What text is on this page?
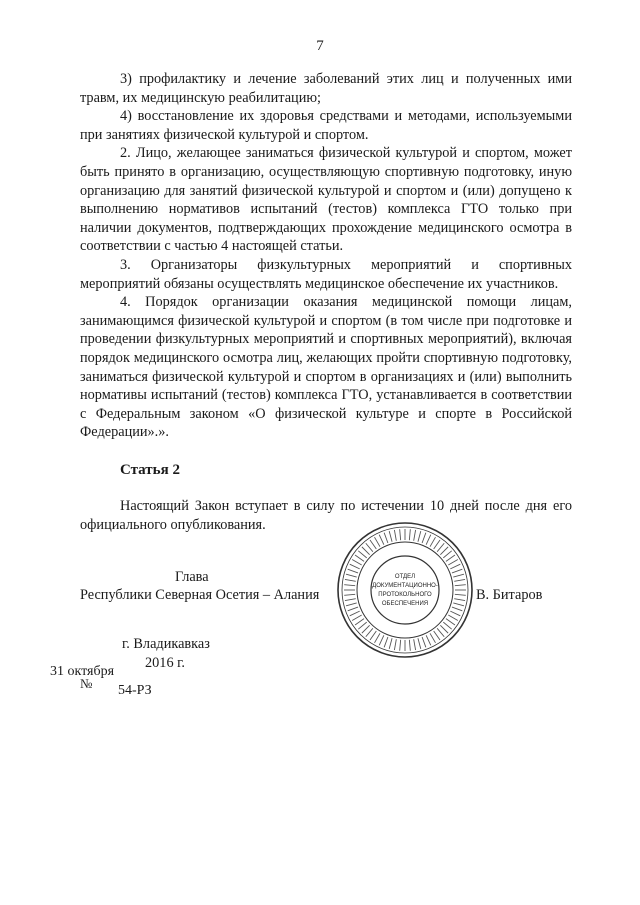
7

3) профилактику и лечение заболеваний этих лиц и полученных ими травм, их медицинскую реабилитацию;

4) восстановление их здоровья средствами и методами, используемыми при занятиях физической культурой и спортом.

2. Лицо, желающее заниматься физической культурой и спортом, может быть принято в организацию, осуществляющую спортивную подготовку, иную организацию для занятий физической культурой и спортом и (или) допущено к выполнению нормативов испытаний (тестов) комплекса ГТО только при наличии документов, подтверждающих прохождение медицинского осмотра в соответствии с частью 4 настоящей статьи.

3. Организаторы физкультурных мероприятий и спортивных мероприятий обязаны осуществлять медицинское обеспечение их участников.

4. Порядок организации оказания медицинской помощи лицам, занимающимся физической культурой и спортом (в том числе при подготовке и проведении физкультурных мероприятий и спортивных мероприятий), включая порядок медицинского осмотра лиц, желающих пройти спортивную подготовку, заниматься физической культурой и спортом в организациях и (или) выполнить нормативы испытаний (тестов) комплекса ГТО, устанавливается в соответствии с Федеральным законом «О физической культуре и спорте в Российской Федерации».».

Статья 2

Настоящий Закон вступает в силу по истечении 10 дней после дня его официального опубликования.

Глава
Республики Северная Осетия – Алания	В. Битаров
ОТДЕЛ
ДОКУМЕНТАЦИОННО-
ПРОТОКОЛЬНОГО
ОБЕСПЕЧЕНИЯ
г. Владикавказ
2016 г.
31 октября
№ 54-РЗ
